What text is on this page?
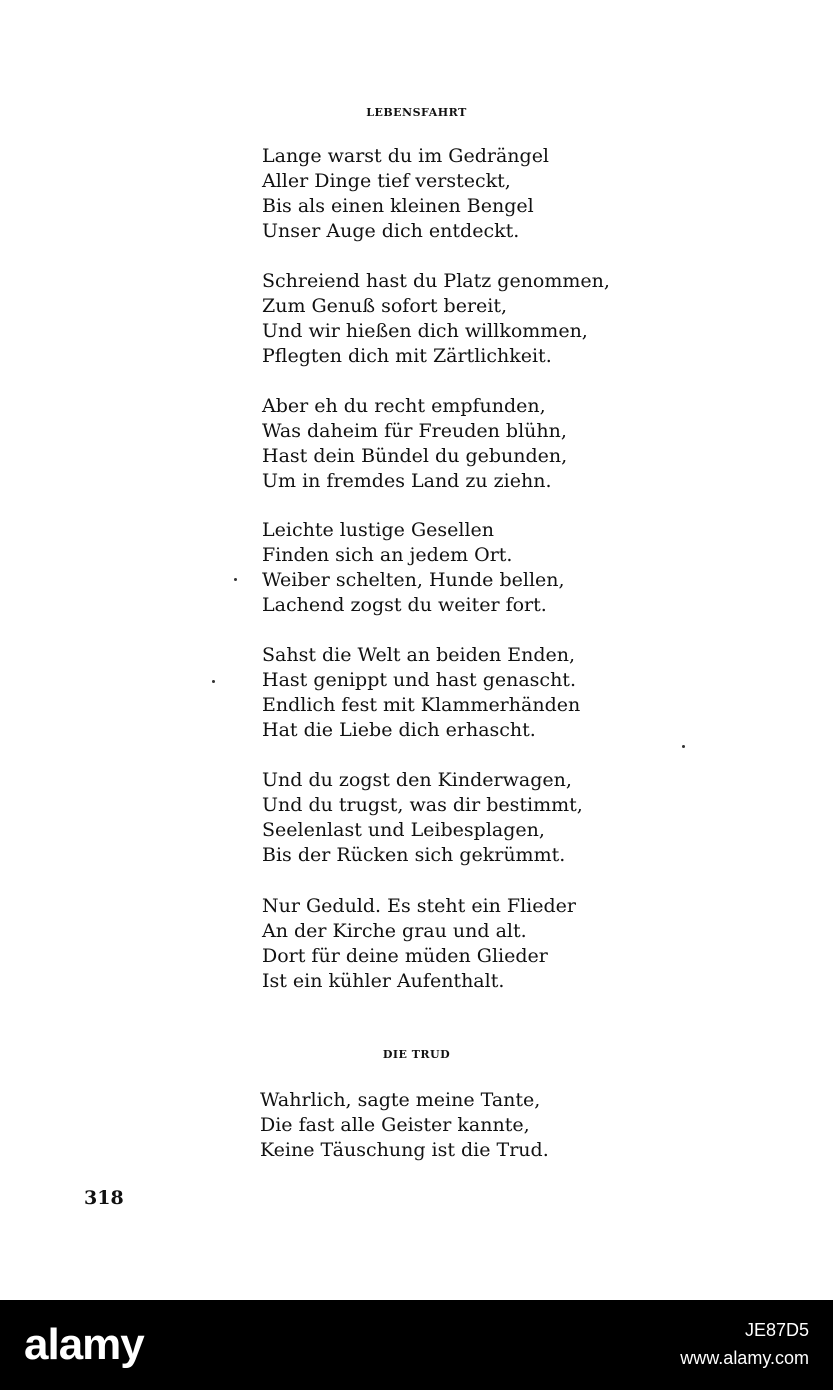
LEBENSFAHRT
Lange warst du im Gedrängel
Aller Dinge tief versteckt,
Bis als einen kleinen Bengel
Unser Auge dich entdeckt.
Schreiend hast du Platz genommen,
Zum Genuß sofort bereit,
Und wir hießen dich willkommen,
Pflegten dich mit Zärtlichkeit.
Aber eh du recht empfunden,
Was daheim für Freuden blühn,
Hast dein Bündel du gebunden,
Um in fremdes Land zu ziehn.
Leichte lustige Gesellen
Finden sich an jedem Ort.
Weiber schelten, Hunde bellen,
Lachend zogst du weiter fort.
Sahst die Welt an beiden Enden,
Hast genippt und hast genascht.
Endlich fest mit Klammerhänden
Hat die Liebe dich erhascht.
Und du zogst den Kinderwagen,
Und du trugst, was dir bestimmt,
Seelenlast und Leibesplagen,
Bis der Rücken sich gekrümmt.
Nur Geduld. Es steht ein Flieder
An der Kirche grau und alt.
Dort für deine müden Glieder
Ist ein kühler Aufenthalt.
DIE TRUD
Wahrlich, sagte meine Tante,
Die fast alle Geister kannte,
Keine Täuschung ist die Trud.
318
alamy	JE87D5
www.alamy.com
